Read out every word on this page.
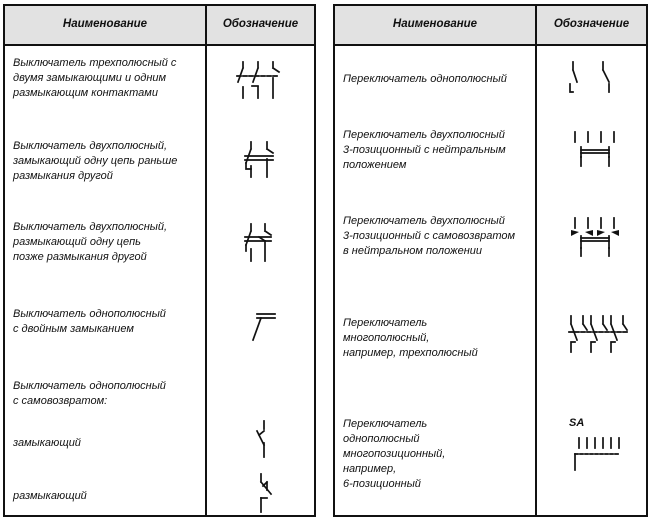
Наименование	Обозначение
Выключатель трехполюсный с
двумя замыкающими и одним
размыкающим контактами
Выключатель двухполюсный,
замыкающий одну цепь раньше
размыкания другой
Выключатель двухполюсный,
размыкающий одну цепь
позже размыкания другой
Выключатель однополюсный
с двойным замыканием
Выключатель однополюсный
с самовозвратом:
замыкающий
размыкающий
Наименование	Обозначение
Переключатель однополюсный
Переключатель двухполюсный
3-позиционный с нейтральным
положением
Переключатель двухполюсный
3-позиционный с самовозвратом
в нейтральном положении
Переключатель
многополюсный,
например, трехполюсный
Переключатель
однополюсный
многопозиционный,
например,
6-позиционный
SA
